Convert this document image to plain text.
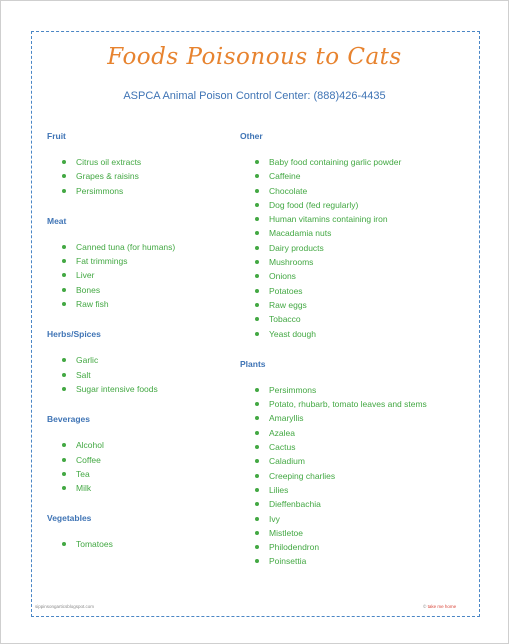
Foods Poisonous to Cats
ASPCA Animal Poison Control Center: (888)426-4435
Fruit
Citrus oil extracts
Grapes & raisins
Persimmons
Meat
Canned tuna (for humans)
Fat trimmings
Liver
Bones
Raw fish
Herbs/Spices
Garlic
Salt
Sugar intensive foods
Beverages
Alcohol
Coffee
Tea
Milk
Vegetables
Tomatoes
Other
Baby food containing garlic powder
Caffeine
Chocolate
Dog food (fed regularly)
Human vitamins containing iron
Macadamia nuts
Dairy products
Mushrooms
Onions
Potatoes
Raw eggs
Tobacco
Yeast dough
Plants
Persimmons
Potato, rhubarb, tomato leaves and stems
Amaryllis
Azalea
Cactus
Caladium
Creeping charlies
Lilies
Dieffenbachia
Ivy
Mistletoe
Philodendron
Poinsettia
sippinsongarticsblogspot.com	© take me home
